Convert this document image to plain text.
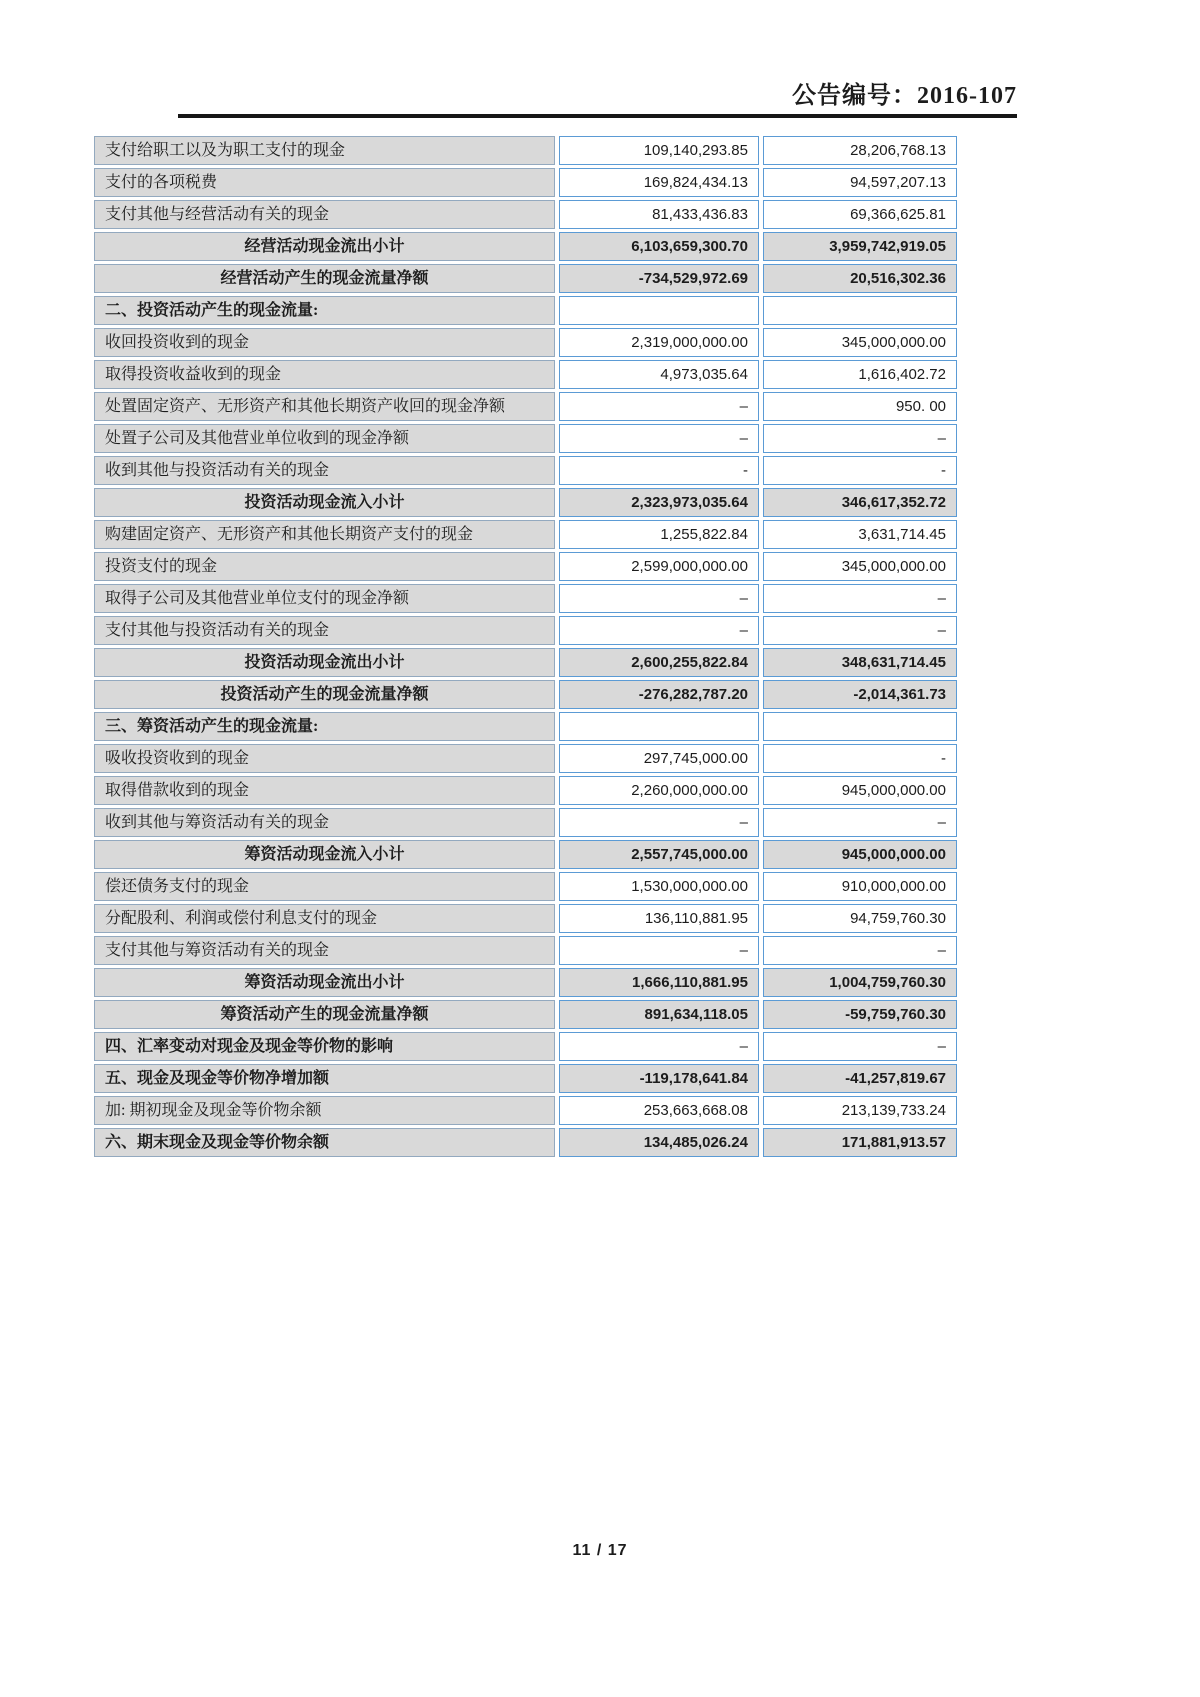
公告编号：2016-107
支付给职工以及为职工支付的现金	109,140,293.85	28,206,768.13
支付的各项税费	169,824,434.13	94,597,207.13
支付其他与经营活动有关的现金	81,433,436.83	69,366,625.81
经营活动现金流出小计	6,103,659,300.70	3,959,742,919.05
经营活动产生的现金流量净额	-734,529,972.69	20,516,302.36
二、投资活动产生的现金流量:		
收回投资收到的现金	2,319,000,000.00	345,000,000.00
取得投资收益收到的现金	4,973,035.64	1,616,402.72
处置固定资产、无形资产和其他长期资产收回的现金净额	–	950. 00
处置子公司及其他营业单位收到的现金净额	–	–
收到其他与投资活动有关的现金	-	-
投资活动现金流入小计	2,323,973,035.64	346,617,352.72
购建固定资产、无形资产和其他长期资产支付的现金	1,255,822.84	3,631,714.45
投资支付的现金	2,599,000,000.00	345,000,000.00
取得子公司及其他营业单位支付的现金净额	–	–
支付其他与投资活动有关的现金	–	–
投资活动现金流出小计	2,600,255,822.84	348,631,714.45
投资活动产生的现金流量净额	-276,282,787.20	-2,014,361.73
三、筹资活动产生的现金流量:		
吸收投资收到的现金	297,745,000.00	-
取得借款收到的现金	2,260,000,000.00	945,000,000.00
收到其他与筹资活动有关的现金	–	–
筹资活动现金流入小计	2,557,745,000.00	945,000,000.00
偿还债务支付的现金	1,530,000,000.00	910,000,000.00
分配股利、利润或偿付利息支付的现金	136,110,881.95	94,759,760.30
支付其他与筹资活动有关的现金	–	–
筹资活动现金流出小计	1,666,110,881.95	1,004,759,760.30
筹资活动产生的现金流量净额	891,634,118.05	-59,759,760.30
四、汇率变动对现金及现金等价物的影响	–	–
五、现金及现金等价物净增加额	-119,178,641.84	-41,257,819.67
加: 期初现金及现金等价物余额	253,663,668.08	213,139,733.24
六、期末现金及现金等价物余额	134,485,026.24	171,881,913.57
11 / 17
